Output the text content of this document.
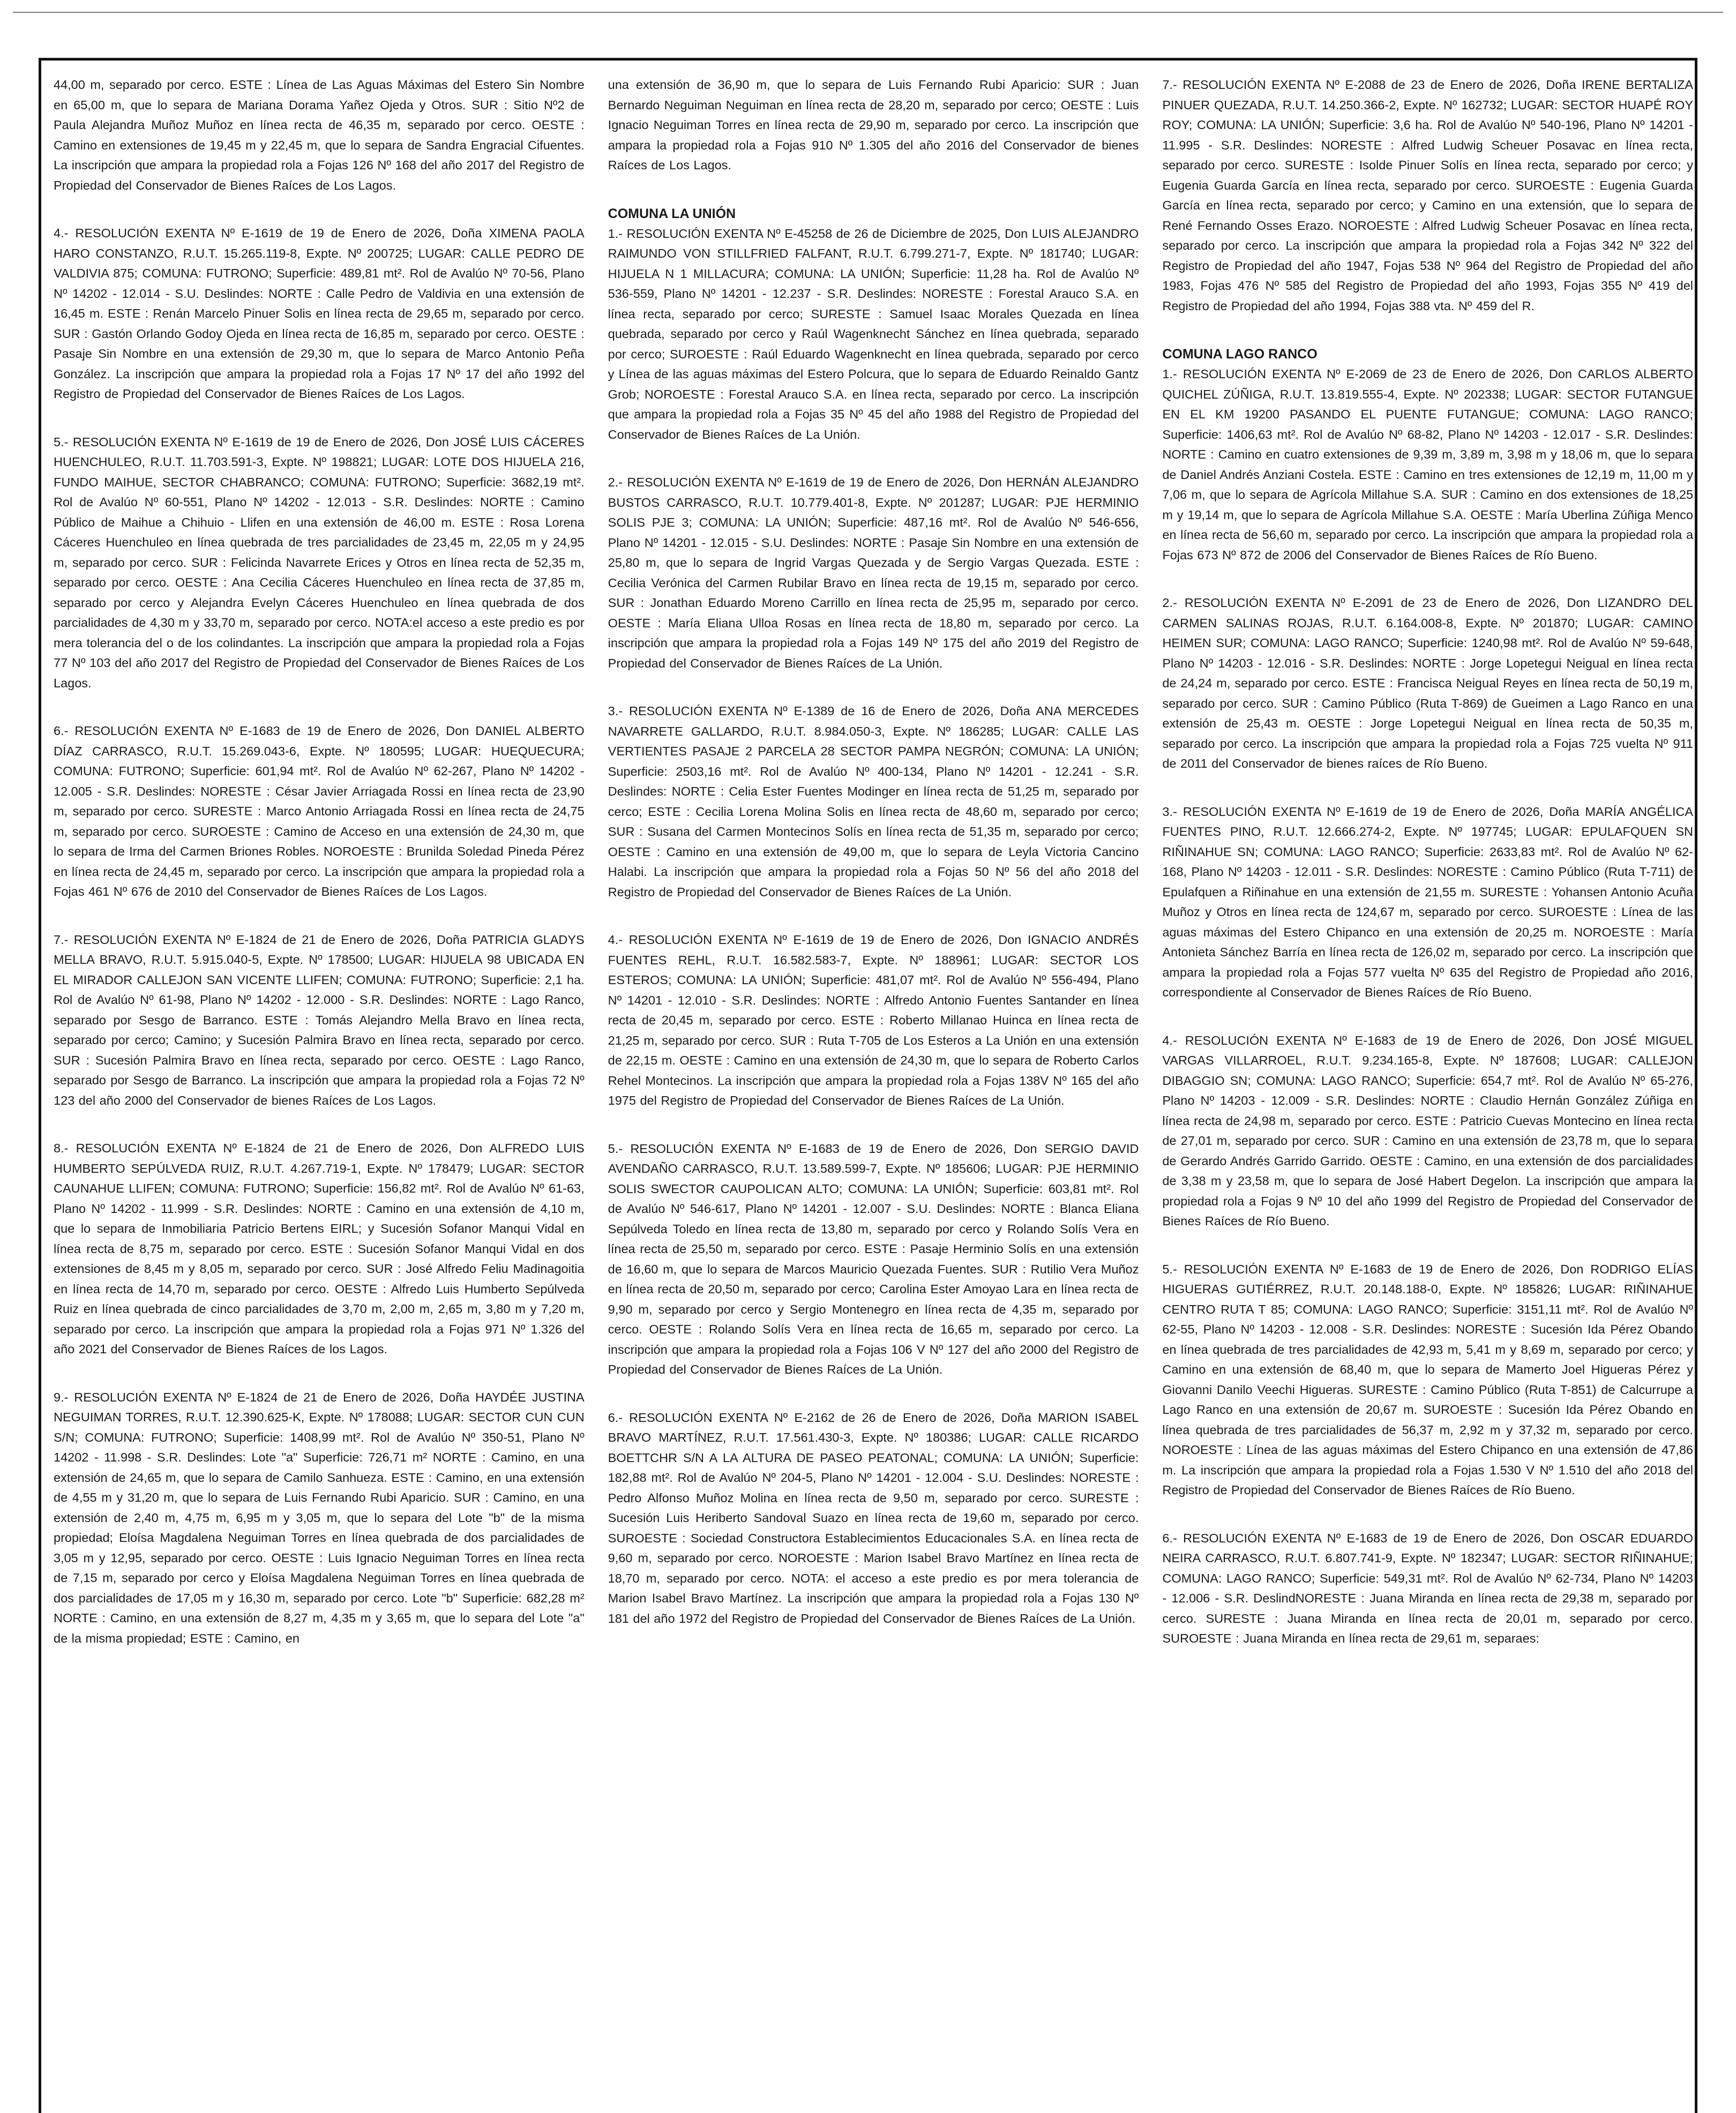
44,00 m, separado por cerco. ESTE : Línea de Las Aguas Máximas del Estero Sin Nombre en 65,00 m, que lo separa de Mariana Dorama Yañez Ojeda y Otros. SUR : Sitio Nº2 de Paula Alejandra Muñoz Muñoz en línea recta de 46,35 m, separado por cerco. OESTE : Camino en extensiones de 19,45 m y 22,45 m, que lo separa de Sandra Engracial Cifuentes. La inscripción que ampara la propiedad rola a Fojas 126 Nº 168 del año 2017 del Registro de Propiedad del Conservador de Bienes Raíces de Los Lagos.
4.- RESOLUCIÓN EXENTA Nº E-1619 de 19 de Enero de 2026, Doña XIMENA PAOLA HARO CONSTANZO, R.U.T. 15.265.119-8, Expte. Nº 200725; LUGAR: CALLE PEDRO DE VALDIVIA 875; COMUNA: FUTRONO; Superficie: 489,81 mt². Rol de Avalúo Nº 70-56, Plano Nº 14202 - 12.014 - S.U. Deslindes: NORTE : Calle Pedro de Valdivia en una extensión de 16,45 m. ESTE : Renán Marcelo Pinuer Solis en línea recta de 29,65 m, separado por cerco. SUR : Gastón Orlando Godoy Ojeda en línea recta de 16,85 m, separado por cerco. OESTE : Pasaje Sin Nombre en una extensión de 29,30 m, que lo separa de Marco Antonio Peña González. La inscripción que ampara la propiedad rola a Fojas 17 Nº 17 del año 1992 del Registro de Propiedad del Conservador de Bienes Raíces de Los Lagos.
5.- RESOLUCIÓN EXENTA Nº E-1619 de 19 de Enero de 2026, Don JOSÉ LUIS CÁCERES HUENCHULEO, R.U.T. 11.703.591-3, Expte. Nº 198821; LUGAR: LOTE DOS HIJUELA 216, FUNDO MAIHUE, SECTOR CHABRANCO; COMUNA: FUTRONO; Superficie: 3682,19 mt². Rol de Avalúo Nº 60-551, Plano Nº 14202 - 12.013 - S.R. Deslindes: NORTE : Camino Público de Maihue a Chihuio - Llifen en una extensión de 46,00 m. ESTE : Rosa Lorena Cáceres Huenchuleo en línea quebrada de tres parcialidades de 23,45 m, 22,05 m y 24,95 m, separado por cerco. SUR : Felicinda Navarrete Erices y Otros en línea recta de 52,35 m, separado por cerco. OESTE : Ana Cecilia Cáceres Huenchuleo en línea recta de 37,85 m, separado por cerco y Alejandra Evelyn Cáceres Huenchuleo en línea quebrada de dos parcialidades de 4,30 m y 33,70 m, separado por cerco. NOTA:el acceso a este predio es por mera tolerancia del o de los colindantes. La inscripción que ampara la propiedad rola a Fojas 77 Nº 103 del año 2017 del Registro de Propiedad del Conservador de Bienes Raíces de Los Lagos.
6.- RESOLUCIÓN EXENTA Nº E-1683 de 19 de Enero de 2026, Don DANIEL ALBERTO DÍAZ CARRASCO, R.U.T. 15.269.043-6, Expte. Nº 180595; LUGAR: HUEQUECURA; COMUNA: FUTRONO; Superficie: 601,94 mt². Rol de Avalúo Nº 62-267, Plano Nº 14202 - 12.005 - S.R. Deslindes: NORESTE : César Javier Arriagada Rossi en línea recta de 23,90 m, separado por cerco. SURESTE : Marco Antonio Arriagada Rossi en línea recta de 24,75 m, separado por cerco. SUROESTE : Camino de Acceso en una extensión de 24,30 m, que lo separa de Irma del Carmen Briones Robles. NOROESTE : Brunilda Soledad Pineda Pérez en línea recta de 24,45 m, separado por cerco. La inscripción que ampara la propiedad rola a Fojas 461 Nº 676 de 2010 del Conservador de Bienes Raíces de Los Lagos.
7.- RESOLUCIÓN EXENTA Nº E-1824 de 21 de Enero de 2026, Doña PATRICIA GLADYS MELLA BRAVO, R.U.T. 5.915.040-5, Expte. Nº 178500; LUGAR: HIJUELA 98 UBICADA EN EL MIRADOR CALLEJON SAN VICENTE LLIFEN; COMUNA: FUTRONO; Superficie: 2,1 ha. Rol de Avalúo Nº 61-98, Plano Nº 14202 - 12.000 - S.R. Deslindes: NORTE : Lago Ranco, separado por Sesgo de Barranco. ESTE : Tomás Alejandro Mella Bravo en línea recta, separado por cerco; Camino; y Sucesión Palmira Bravo en línea recta, separado por cerco. SUR : Sucesión Palmira Bravo en línea recta, separado por cerco. OESTE : Lago Ranco, separado por Sesgo de Barranco. La inscripción que ampara la propiedad rola a Fojas 72 Nº 123 del año 2000 del Conservador de bienes Raíces de Los Lagos.
8.- RESOLUCIÓN EXENTA Nº E-1824 de 21 de Enero de 2026, Don ALFREDO LUIS HUMBERTO SEPÚLVEDA RUIZ, R.U.T. 4.267.719-1, Expte. Nº 178479; LUGAR: SECTOR CAUNAHUE LLIFEN; COMUNA: FUTRONO; Superficie: 156,82 mt². Rol de Avalúo Nº 61-63, Plano Nº 14202 - 11.999 - S.R. Deslindes: NORTE : Camino en una extensión de 4,10 m, que lo separa de Inmobiliaria Patricio Bertens EIRL; y Sucesión Sofanor Manqui Vidal en línea recta de 8,75 m, separado por cerco. ESTE : Sucesión Sofanor Manqui Vidal en dos extensiones de 8,45 m y 8,05 m, separado por cerco. SUR : José Alfredo Feliu Madinagoitia en línea recta de 14,70 m, separado por cerco. OESTE : Alfredo Luis Humberto Sepúlveda Ruiz en línea quebrada de cinco parcialidades de 3,70 m, 2,00 m, 2,65 m, 3,80 m y 7,20 m, separado por cerco. La inscripción que ampara la propiedad rola a Fojas 971 Nº 1.326 del año 2021 del Conservador de Bienes Raíces de los Lagos.
9.- RESOLUCIÓN EXENTA Nº E-1824 de 21 de Enero de 2026, Doña HAYDÉE JUSTINA NEGUIMAN TORRES, R.U.T. 12.390.625-K, Expte. Nº 178088; LUGAR: SECTOR CUN CUN S/N; COMUNA: FUTRONO; Superficie: 1408,99 mt². Rol de Avalúo Nº 350-51, Plano Nº 14202 - 11.998 - S.R. Deslindes: Lote "a" Superficie: 726,71 m² NORTE : Camino, en una extensión de 24,65 m, que lo separa de Camilo Sanhueza. ESTE : Camino, en una extensión de 4,55 m y 31,20 m, que lo separa de Luis Fernando Rubi Aparicio. SUR : Camino, en una extensión de 2,40 m, 4,75 m, 6,95 m y 3,05 m, que lo separa del Lote "b" de la misma propiedad; Eloísa Magdalena Neguiman Torres en línea quebrada de dos parcialidades de 3,05 m y 12,95, separado por cerco. OESTE : Luis Ignacio Neguiman Torres en línea recta de 7,15 m, separado por cerco y Eloísa Magdalena Neguiman Torres en línea quebrada de dos parcialidades de 17,05 m y 16,30 m, separado por cerco. Lote "b" Superficie: 682,28 m² NORTE : Camino, en una extensión de 8,27 m, 4,35 m y 3,65 m, que lo separa del Lote "a" de la misma propiedad; ESTE : Camino, en
una extensión de 36,90 m, que lo separa de Luis Fernando Rubi Aparicio: SUR : Juan Bernardo Neguiman Neguiman en línea recta de 28,20 m, separado por cerco; OESTE : Luis Ignacio Neguiman Torres en línea recta de 29,90 m, separado por cerco. La inscripción que ampara la propiedad rola a Fojas 910 Nº 1.305 del año 2016 del Conservador de bienes Raíces de Los Lagos.
COMUNA LA UNIÓN
1.- RESOLUCIÓN EXENTA Nº E-45258 de 26 de Diciembre de 2025, Don LUIS ALEJANDRO RAIMUNDO VON STILLFRIED FALFANT, R.U.T. 6.799.271-7, Expte. Nº 181740; LUGAR: HIJUELA N 1 MILLACURA; COMUNA: LA UNIÓN; Superficie: 11,28 ha. Rol de Avalúo Nº 536-559, Plano Nº 14201 - 12.237 - S.R. Deslindes: NORESTE : Forestal Arauco S.A. en línea recta, separado por cerco; SURESTE : Samuel Isaac Morales Quezada en línea quebrada, separado por cerco y Raúl Wagenknecht Sánchez en línea quebrada, separado por cerco; SUROESTE : Raúl Eduardo Wagenknecht en línea quebrada, separado por cerco y Línea de las aguas máximas del Estero Polcura, que lo separa de Eduardo Reinaldo Gantz Grob; NOROESTE : Forestal Arauco S.A. en línea recta, separado por cerco. La inscripción que ampara la propiedad rola a Fojas 35 Nº 45 del año 1988 del Registro de Propiedad del Conservador de Bienes Raíces de La Unión.
2.- RESOLUCIÓN EXENTA Nº E-1619 de 19 de Enero de 2026, Don HERNÁN ALEJANDRO BUSTOS CARRASCO, R.U.T. 10.779.401-8, Expte. Nº 201287; LUGAR: PJE HERMINIO SOLIS PJE 3; COMUNA: LA UNIÓN; Superficie: 487,16 mt². Rol de Avalúo Nº 546-656, Plano Nº 14201 - 12.015 - S.U. Deslindes: NORTE : Pasaje Sin Nombre en una extensión de 25,80 m, que lo separa de Ingrid Vargas Quezada y de Sergio Vargas Quezada. ESTE : Cecilia Verónica del Carmen Rubilar Bravo en línea recta de 19,15 m, separado por cerco. SUR : Jonathan Eduardo Moreno Carrillo en línea recta de 25,95 m, separado por cerco. OESTE : María Eliana Ulloa Rosas en línea recta de 18,80 m, separado por cerco. La inscripción que ampara la propiedad rola a Fojas 149 Nº 175 del año 2019 del Registro de Propiedad del Conservador de Bienes Raíces de La Unión.
3.- RESOLUCIÓN EXENTA Nº E-1389 de 16 de Enero de 2026, Doña ANA MERCEDES NAVARRETE GALLARDO, R.U.T. 8.984.050-3, Expte. Nº 186285; LUGAR: CALLE LAS VERTIENTES PASAJE 2 PARCELA 28 SECTOR PAMPA NEGRÓN; COMUNA: LA UNIÓN; Superficie: 2503,16 mt². Rol de Avalúo Nº 400-134, Plano Nº 14201 - 12.241 - S.R. Deslindes: NORTE : Celia Ester Fuentes Modinger en línea recta de 51,25 m, separado por cerco; ESTE : Cecilia Lorena Molina Solis en línea recta de 48,60 m, separado por cerco; SUR : Susana del Carmen Montecinos Solís en línea recta de 51,35 m, separado por cerco; OESTE : Camino en una extensión de 49,00 m, que lo separa de Leyla Victoria Cancino Halabi. La inscripción que ampara la propiedad rola a Fojas 50 Nº 56 del año 2018 del Registro de Propiedad del Conservador de Bienes Raíces de La Unión.
4.- RESOLUCIÓN EXENTA Nº E-1619 de 19 de Enero de 2026, Don IGNACIO ANDRÉS FUENTES REHL, R.U.T. 16.582.583-7, Expte. Nº 188961; LUGAR: SECTOR LOS ESTEROS; COMUNA: LA UNIÓN; Superficie: 481,07 mt². Rol de Avalúo Nº 556-494, Plano Nº 14201 - 12.010 - S.R. Deslindes: NORTE : Alfredo Antonio Fuentes Santander en línea recta de 20,45 m, separado por cerco. ESTE : Roberto Millanao Huinca en línea recta de 21,25 m, separado por cerco. SUR : Ruta T-705 de Los Esteros a La Unión en una extensión de 22,15 m. OESTE : Camino en una extensión de 24,30 m, que lo separa de Roberto Carlos Rehel Montecinos. La inscripción que ampara la propiedad rola a Fojas 138V Nº 165 del año 1975 del Registro de Propiedad del Conservador de Bienes Raíces de La Unión.
5.- RESOLUCIÓN EXENTA Nº E-1683 de 19 de Enero de 2026, Don SERGIO DAVID AVENDAÑO CARRASCO, R.U.T. 13.589.599-7, Expte. Nº 185606; LUGAR: PJE HERMINIO SOLIS SWECTOR CAUPOLICAN ALTO; COMUNA: LA UNIÓN; Superficie: 603,81 mt². Rol de Avalúo Nº 546-617, Plano Nº 14201 - 12.007 - S.U. Deslindes: NORTE : Blanca Eliana Sepúlveda Toledo en línea recta de 13,80 m, separado por cerco y Rolando Solís Vera en línea recta de 25,50 m, separado por cerco. ESTE : Pasaje Herminio Solís en una extensión de 16,60 m, que lo separa de Marcos Mauricio Quezada Fuentes. SUR : Rutilio Vera Muñoz en línea recta de 20,50 m, separado por cerco; Carolina Ester Amoyao Lara en línea recta de 9,90 m, separado por cerco y Sergio Montenegro en línea recta de 4,35 m, separado por cerco. OESTE : Rolando Solís Vera en línea recta de 16,65 m, separado por cerco. La inscripción que ampara la propiedad rola a Fojas 106 V Nº 127 del año 2000 del Registro de Propiedad del Conservador de Bienes Raíces de La Unión.
6.- RESOLUCIÓN EXENTA Nº E-2162 de 26 de Enero de 2026, Doña MARION ISABEL BRAVO MARTÍNEZ, R.U.T. 17.561.430-3, Expte. Nº 180386; LUGAR: CALLE RICARDO BOETTCHR S/N A LA ALTURA DE PASEO PEATONAL; COMUNA: LA UNIÓN; Superficie: 182,88 mt². Rol de Avalúo Nº 204-5, Plano Nº 14201 - 12.004 - S.U. Deslindes: NORESTE : Pedro Alfonso Muñoz Molina en línea recta de 9,50 m, separado por cerco. SURESTE : Sucesión Luis Heriberto Sandoval Suazo en línea recta de 19,60 m, separado por cerco. SUROESTE : Sociedad Constructora Establecimientos Educacionales S.A. en línea recta de 9,60 m, separado por cerco. NOROESTE : Marion Isabel Bravo Martínez en línea recta de 18,70 m, separado por cerco. NOTA: el acceso a este predio es por mera tolerancia de Marion Isabel Bravo Martínez. La inscripción que ampara la propiedad rola a Fojas 130 Nº 181 del año 1972 del Registro de Propiedad del Conservador de Bienes Raíces de La Unión.
7.- RESOLUCIÓN EXENTA Nº E-2088 de 23 de Enero de 2026, Doña IRENE BERTALIZA PINUER QUEZADA, R.U.T. 14.250.366-2, Expte. Nº 162732; LUGAR: SECTOR HUAPÉ ROY ROY; COMUNA: LA UNIÓN; Superficie: 3,6 ha. Rol de Avalúo Nº 540-196, Plano Nº 14201 - 11.995 - S.R. Deslindes: NORESTE : Alfred Ludwig Scheuer Posavac en línea recta, separado por cerco. SURESTE : Isolde Pinuer Solís en línea recta, separado por cerco; y Eugenia Guarda García en línea recta, separado por cerco. SUROESTE : Eugenia Guarda García en línea recta, separado por cerco; y Camino en una extensión, que lo separa de René Fernando Osses Erazo. NOROESTE : Alfred Ludwig Scheuer Posavac en línea recta, separado por cerco. La inscripción que ampara la propiedad rola a Fojas 342 Nº 322 del Registro de Propiedad del año 1947, Fojas 538 Nº 964 del Registro de Propiedad del año 1983, Fojas 476 Nº 585 del Registro de Propiedad del año 1993, Fojas 355 Nº 419 del Registro de Propiedad del año 1994, Fojas 388 vta. Nº 459 del R.
COMUNA LAGO RANCO
1.- RESOLUCIÓN EXENTA Nº E-2069 de 23 de Enero de 2026, Don CARLOS ALBERTO QUICHEL ZÚÑIGA, R.U.T. 13.819.555-4, Expte. Nº 202338; LUGAR: SECTOR FUTANGUE EN EL KM 19200 PASANDO EL PUENTE FUTANGUE; COMUNA: LAGO RANCO; Superficie: 1406,63 mt². Rol de Avalúo Nº 68-82, Plano Nº 14203 - 12.017 - S.R. Deslindes: NORTE : Camino en cuatro extensiones de 9,39 m, 3,89 m, 3,98 m y 18,06 m, que lo separa de Daniel Andrés Anziani Costela. ESTE : Camino en tres extensiones de 12,19 m, 11,00 m y 7,06 m, que lo separa de Agrícola Millahue S.A. SUR : Camino en dos extensiones de 18,25 m y 19,14 m, que lo separa de Agrícola Millahue S.A. OESTE : María Uberlina Zúñiga Menco en línea recta de 56,60 m, separado por cerco. La inscripción que ampara la propiedad rola a Fojas 673 Nº 872 de 2006 del Conservador de Bienes Raíces de Río Bueno.
2.- RESOLUCIÓN EXENTA Nº E-2091 de 23 de Enero de 2026, Don LIZANDRO DEL CARMEN SALINAS ROJAS, R.U.T. 6.164.008-8, Expte. Nº 201870; LUGAR: CAMINO HEIMEN SUR; COMUNA: LAGO RANCO; Superficie: 1240,98 mt². Rol de Avalúo Nº 59-648, Plano Nº 14203 - 12.016 - S.R. Deslindes: NORTE : Jorge Lopetegui Neigual en línea recta de 24,24 m, separado por cerco. ESTE : Francisca Neigual Reyes en línea recta de 50,19 m, separado por cerco. SUR : Camino Público (Ruta T-869) de Gueimen a Lago Ranco en una extensión de 25,43 m. OESTE : Jorge Lopetegui Neigual en línea recta de 50,35 m, separado por cerco. La inscripción que ampara la propiedad rola a Fojas 725 vuelta Nº 911 de 2011 del Conservador de bienes raíces de Río Bueno.
3.- RESOLUCIÓN EXENTA Nº E-1619 de 19 de Enero de 2026, Doña MARÍA ANGÉLICA FUENTES PINO, R.U.T. 12.666.274-2, Expte. Nº 197745; LUGAR: EPULAFQUEN SN RIÑINAHUE SN; COMUNA: LAGO RANCO; Superficie: 2633,83 mt². Rol de Avalúo Nº 62-168, Plano Nº 14203 - 12.011 - S.R. Deslindes: NORESTE : Camino Público (Ruta T-711) de Epulafquen a Riñinahue en una extensión de 21,55 m. SURESTE : Yohansen Antonio Acuña Muñoz y Otros en línea recta de 124,67 m, separado por cerco. SUROESTE : Línea de las aguas máximas del Estero Chipanco en una extensión de 20,25 m. NOROESTE : María Antonieta Sánchez Barría en línea recta de 126,02 m, separado por cerco. La inscripción que ampara la propiedad rola a Fojas 577 vuelta Nº 635 del Registro de Propiedad año 2016, correspondiente al Conservador de Bienes Raíces de Río Bueno.
4.- RESOLUCIÓN EXENTA Nº E-1683 de 19 de Enero de 2026, Don JOSÉ MIGUEL VARGAS VILLARROEL, R.U.T. 9.234.165-8, Expte. Nº 187608; LUGAR: CALLEJON DIBAGGIO SN; COMUNA: LAGO RANCO; Superficie: 654,7 mt². Rol de Avalúo Nº 65-276, Plano Nº 14203 - 12.009 - S.R. Deslindes: NORTE : Claudio Hernán González Zúñiga en línea recta de 24,98 m, separado por cerco. ESTE : Patricio Cuevas Montecino en línea recta de 27,01 m, separado por cerco. SUR : Camino en una extensión de 23,78 m, que lo separa de Gerardo Andrés Garrido Garrido. OESTE : Camino, en una extensión de dos parcialidades de 3,38 m y 23,58 m, que lo separa de José Habert Degelon. La inscripción que ampara la propiedad rola a Fojas 9 Nº 10 del año 1999 del Registro de Propiedad del Conservador de Bienes Raíces de Río Bueno.
5.- RESOLUCIÓN EXENTA Nº E-1683 de 19 de Enero de 2026, Don RODRIGO ELÍAS HIGUERAS GUTIÉRREZ, R.U.T. 20.148.188-0, Expte. Nº 185826; LUGAR: RIÑINAHUE CENTRO RUTA T 85; COMUNA: LAGO RANCO; Superficie: 3151,11 mt². Rol de Avalúo Nº 62-55, Plano Nº 14203 - 12.008 - S.R. Deslindes: NORESTE : Sucesión Ida Pérez Obando en línea quebrada de tres parcialidades de 42,93 m, 5,41 m y 8,69 m, separado por cerco; y Camino en una extensión de 68,40 m, que lo separa de Mamerto Joel Higueras Pérez y Giovanni Danilo Veechi Higueras. SURESTE : Camino Público (Ruta T-851) de Calcurrupe a Lago Ranco en una extensión de 20,67 m. SUROESTE : Sucesión Ida Pérez Obando en línea quebrada de tres parcialidades de 56,37 m, 2,92 m y 37,32 m, separado por cerco. NOROESTE : Línea de las aguas máximas del Estero Chipanco en una extensión de 47,86 m. La inscripción que ampara la propiedad rola a Fojas 1.530 V Nº 1.510 del año 2018 del Registro de Propiedad del Conservador de Bienes Raíces de Río Bueno.
6.- RESOLUCIÓN EXENTA Nº E-1683 de 19 de Enero de 2026, Don OSCAR EDUARDO NEIRA CARRASCO, R.U.T. 6.807.741-9, Expte. Nº 182347; LUGAR: SECTOR RIÑINAHUE; COMUNA: LAGO RANCO; Superficie: 549,31 mt². Rol de Avalúo Nº 62-734, Plano Nº 14203 - 12.006 - S.R. DeslindNORESTE : Juana Miranda en línea recta de 29,38 m, separado por cerco. SURESTE : Juana Miranda en línea recta de 20,01 m, separado por cerco. SUROESTE : Juana Miranda en línea recta de 29,61 m, separaes:
